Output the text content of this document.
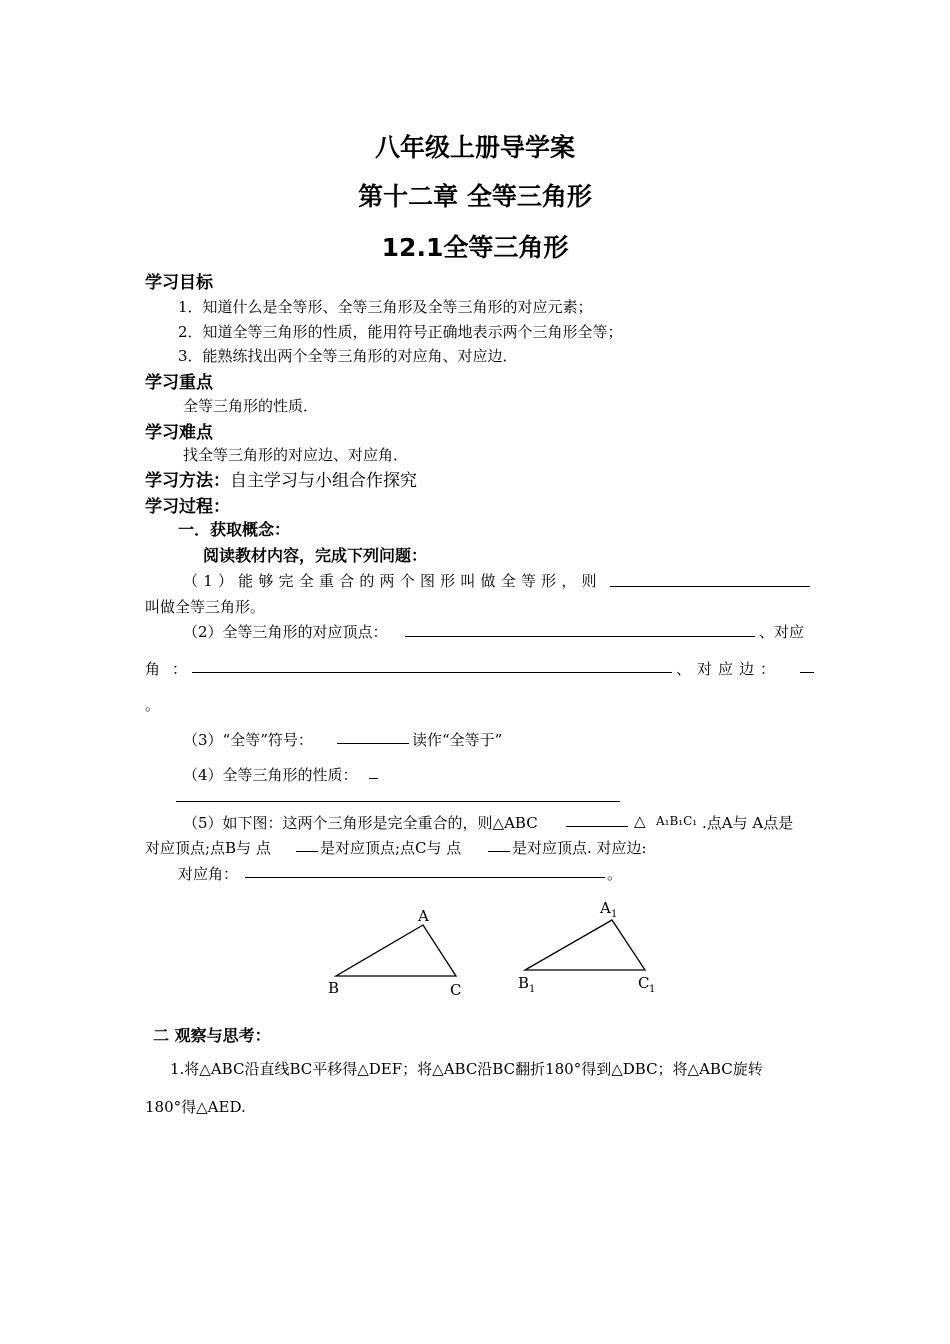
八年级上册导学案
第十二章 全等三角形
12.1全等三角形
学习目标
1．知道什么是全等形、全等三角形及全等三角形的对应元素；
2．知道全等三角形的性质，能用符号正确地表示两个三角形全等；
3．能熟练找出两个全等三角形的对应角、对应边．
学习重点
全等三角形的性质．
学习难点
找全等三角形的对应边、对应角．
学习方法：自主学习与小组合作探究
学习过程：
一．获取概念：
阅读教材内容，完成下列问题：
（1）能够完全重合的两个图形叫做全等形，则
叫做全等三角形。
（2）全等三角形的对应顶点：	、对应
角：	、对应边：
。
（3）“全等”符号：	读作“全等于”
（4）全等三角形的性质：
（5）如下图：这两个三角形是完全重合的，则△ABC	△ A₁B₁C₁ .点A与 A点是
对应顶点;点B与 点	是对应顶点;点C与 点	是对应顶点. 对应边:
对应角：	。
A
B	C
A 1
B 1	C 1
二 观察与思考：
1.将△ABC沿直线BC平移得△DEF；将△ABC沿BC翻折180°得到△DBC；将△ABC旋转
180°得△AED.
